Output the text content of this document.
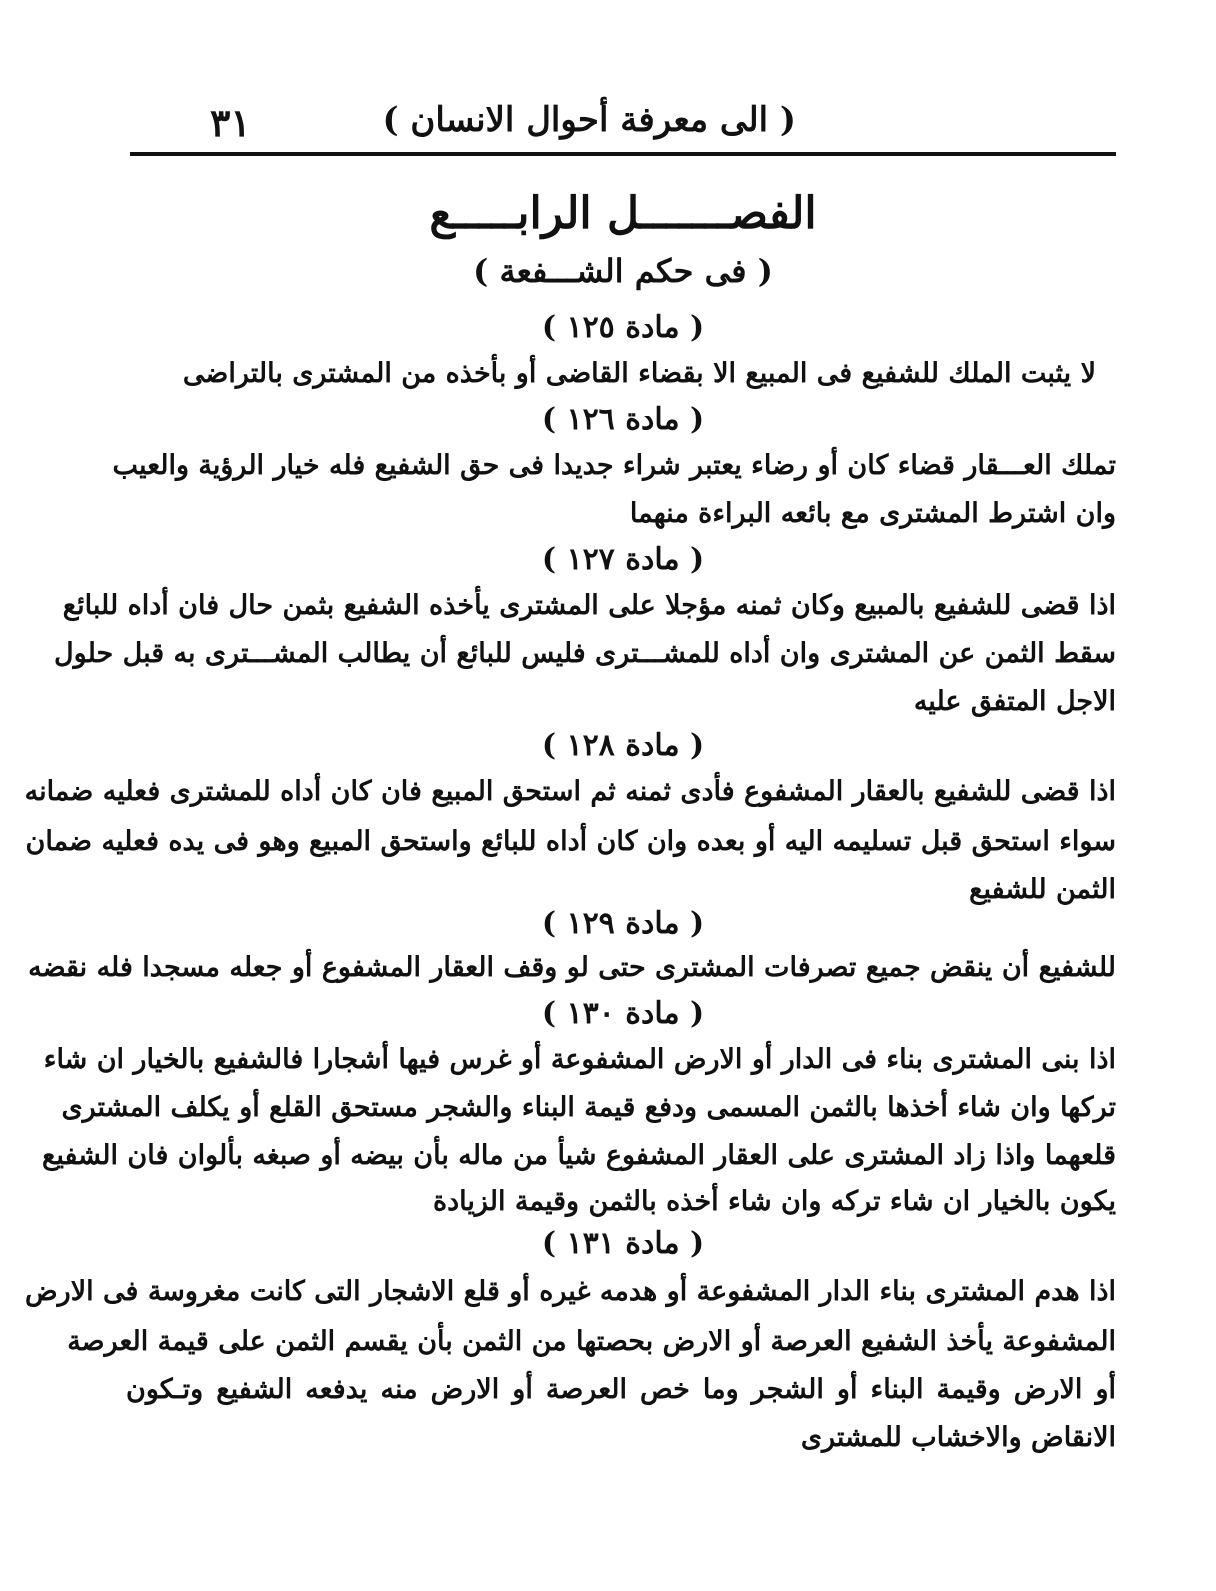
( الى معرفة أحوال الانسان )
٣١
الفصـــــــل الرابـــــع
( فى حكم الشـــفعة )
( مادة ١٢٥ )
لا يثبت الملك للشفيع فى المبيع الا بقضاء القاضى أو بأخذه من المشترى بالتراضى
( مادة ١٢٦ )
تملك العـــقار قضاء كان أو رضاء يعتبر شراء جديدا فى حق الشفيع فله خيار الرؤية والعيب
وان اشترط المشترى مع بائعه البراءة منهما
( مادة ١٢٧ )
اذا قضى للشفيع بالمبيع وكان ثمنه مؤجلا على المشترى يأخذه الشفيع بثمن حال فان أداه للبائع
سقط الثمن عن المشترى وان أداه للمشـــترى فليس للبائع أن يطالب المشـــترى به قبل حلول
الاجل المتفق عليه
( مادة ١٢٨ )
اذا قضى للشفيع بالعقار المشفوع فأدى ثمنه ثم استحق المبيع فان كان أداه للمشترى فعليه ضمانه
سواء استحق قبل تسليمه اليه أو بعده وان كان أداه للبائع واستحق المبيع وهو فى يده فعليه ضمان
الثمن للشفيع
( مادة ١٢٩ )
للشفيع أن ينقض جميع تصرفات المشترى حتى لو وقف العقار المشفوع أو جعله مسجدا فله نقضه
( مادة ١٣٠ )
اذا بنى المشترى بناء فى الدار أو الارض المشفوعة أو غرس فيها أشجارا فالشفيع بالخيار ان شاء
تركها وان شاء أخذها بالثمن المسمى ودفع قيمة البناء والشجر مستحق القلع أو يكلف المشترى
قلعهما واذا زاد المشترى على العقار المشفوع شيأ من ماله بأن بيضه أو صبغه بألوان فان الشفيع
يكون بالخيار ان شاء تركه وان شاء أخذه بالثمن وقيمة الزيادة
( مادة ١٣١ )
اذا هدم المشترى بناء الدار المشفوعة أو هدمه غيره أو قلع الاشجار التى كانت مغروسة فى الارض
المشفوعة يأخذ الشفيع العرصة أو الارض بحصتها من الثمن بأن يقسم الثمن على قيمة العرصة
أو الارض وقيمة البناء أو الشجر وما خص العرصة أو الارض منه يدفعه الشفيع وتـكون
الانقاض والاخشاب للمشترى
